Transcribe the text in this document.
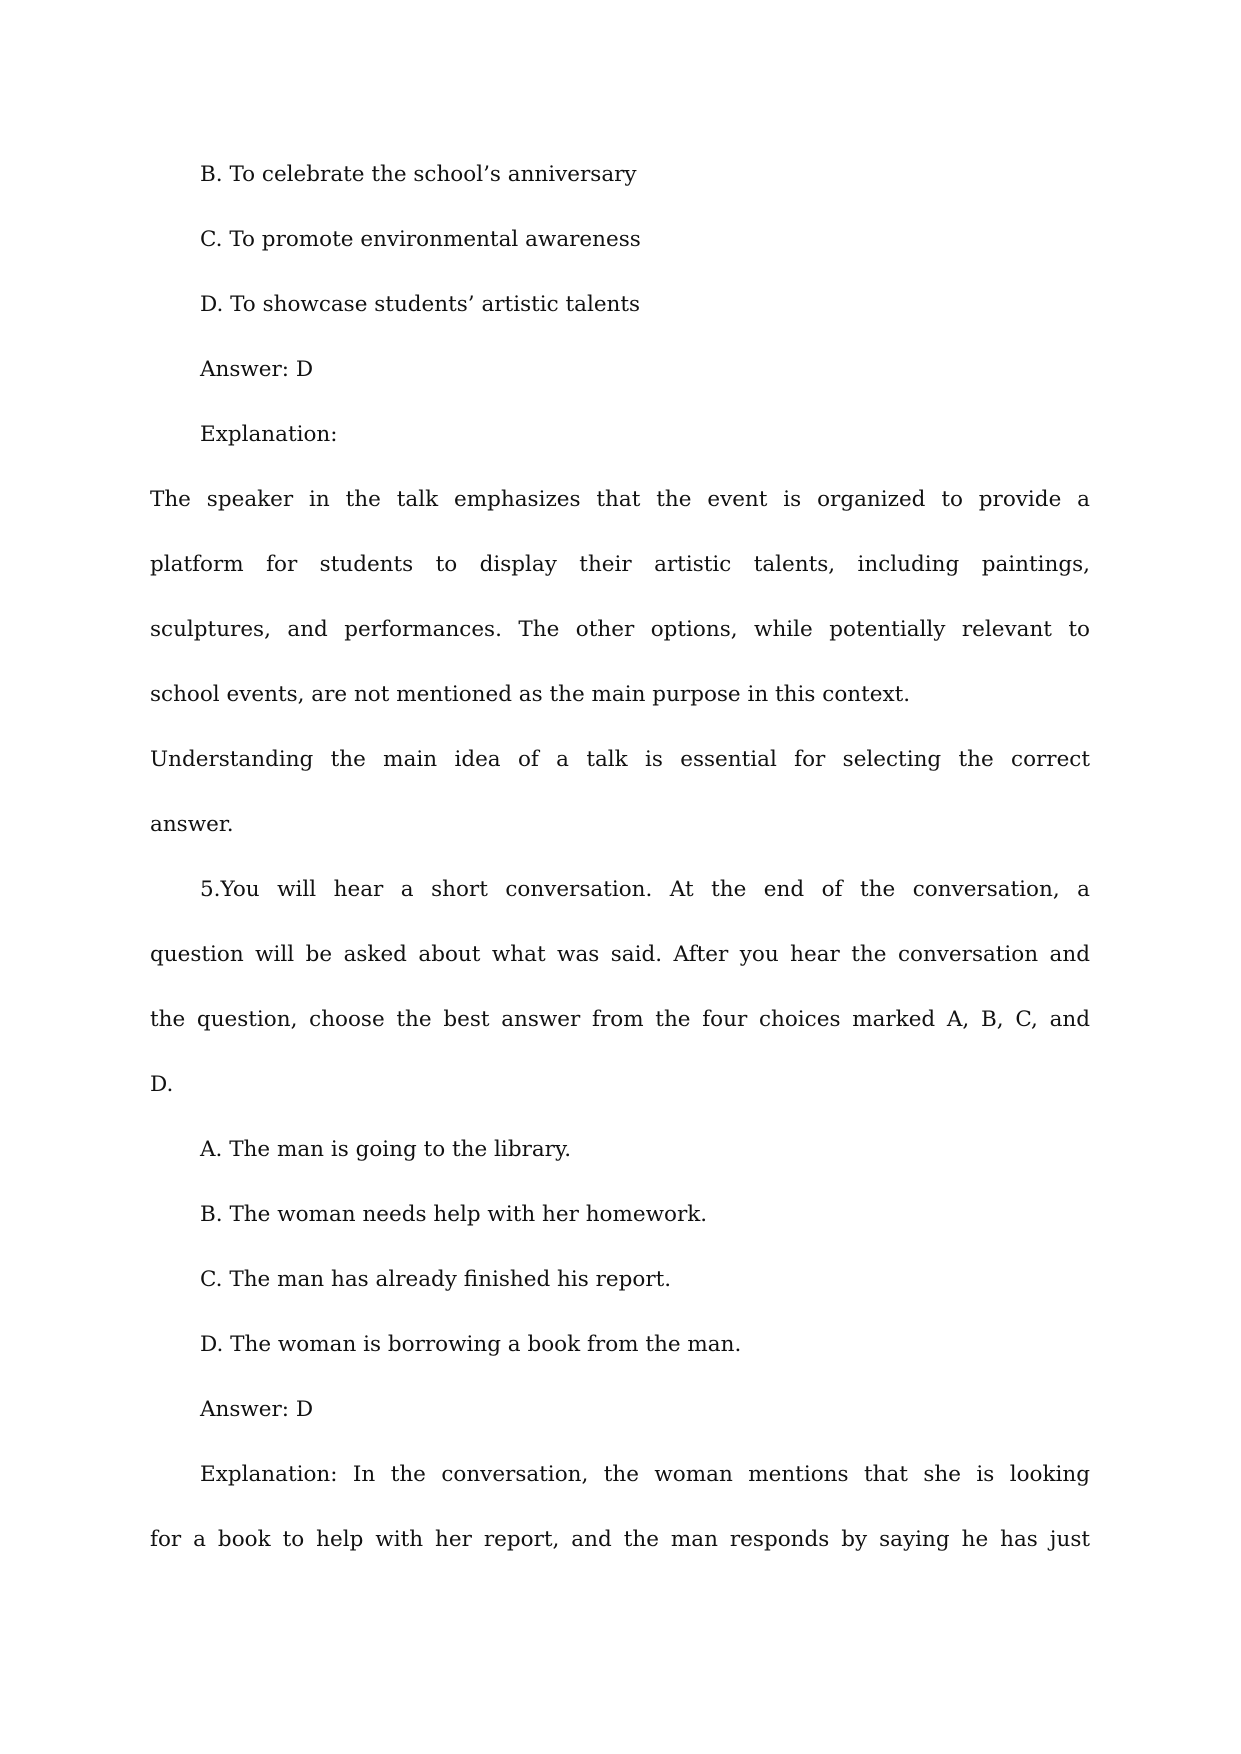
B. To celebrate the school’s anniversary
C. To promote environmental awareness
D. To showcase students’ artistic talents
Answer: D
Explanation:
The speaker in the talk emphasizes that the event is organized to provide a
platform for students to display their artistic talents, including paintings,
sculptures, and performances. The other options, while potentially relevant to
school events, are not mentioned as the main purpose in this context.
Understanding the main idea of a talk is essential for selecting the correct
answer.
5.You will hear a short conversation. At the end of the conversation, a
question will be asked about what was said. After you hear the conversation and
the question, choose the best answer from the four choices marked A, B, C, and
D.
A. The man is going to the library.
B. The woman needs help with her homework.
C. The man has already finished his report.
D. The woman is borrowing a book from the man.
Answer: D
Explanation: In the conversation, the woman mentions that she is looking
for a book to help with her report, and the man responds by saying he has just
